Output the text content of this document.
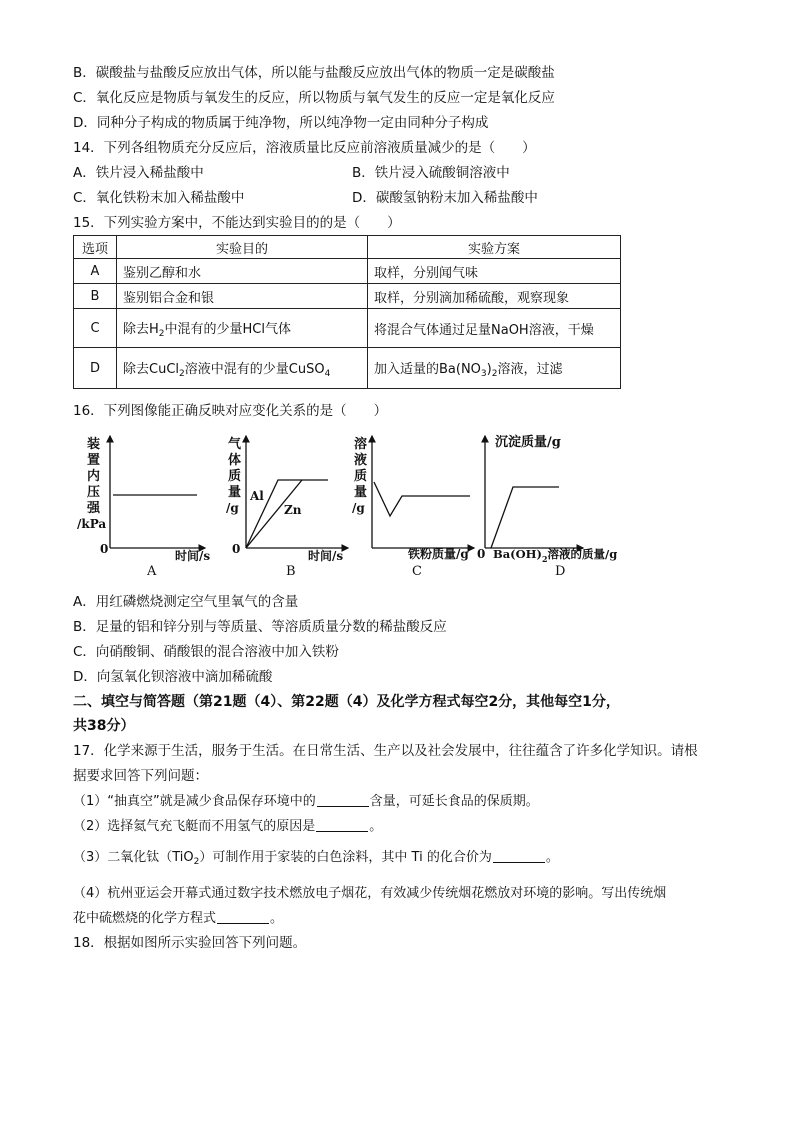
B．碳酸盐与盐酸反应放出气体，所以能与盐酸反应放出气体的物质一定是碳酸盐
C．氧化反应是物质与氧发生的反应，所以物质与氧气发生的反应一定是氧化反应
D．同种分子构成的物质属于纯净物，所以纯净物一定由同种分子构成
14．下列各组物质充分反应后，溶液质量比反应前溶液质量减少的是（　　）
A．铁片浸入稀盐酸中	B．铁片浸入硫酸铜溶液中
C．氧化铁粉末加入稀盐酸中	D．碳酸氢钠粉末加入稀盐酸中
15．下列实验方案中，不能达到实验目的的是（　　）
选项	实验目的	实验方案
A	鉴别乙醇和水	取样，分别闻气味
B	鉴别铝合金和银	取样，分别滴加稀硫酸，观察现象
C	除去$H_2$中混有的少量HCl气体	将混合气体通过足量NaOH溶液，干燥
D	除去CuCl$_2$溶液中混有的少量CuSO$_4$	加入适量的$Ba(NO_3)_2$溶液，过滤
16．下列图像能正确反映对应变化关系的是（　　）
装
置
内
压
强
/kPa
0	时间/s
A
气
体
质
量
/g
Al
Zn
0	时间/s
B
溶
液
质
量
/g
铁粉质量/g
C
沉淀质量/g
0 $Ba(OH)_2$溶液的质量/g
D
A．用红磷燃烧测定空气里氧气的含量
B．足量的铝和锌分别与等质量、等溶质质量分数的稀盐酸反应
C．向硝酸铜、硝酸银的混合溶液中加入铁粉
D．向氢氧化钡溶液中滴加稀硫酸
二、填空与简答题（第21题（4）、第22题（4）及化学方程式每空2分，其他每空1分，
共38分）
17．化学来源于生活，服务于生活。在日常生活、生产以及社会发展中，往往蕴含了许多化学知识。请根
据要求回答下列问题：
（1）“抽真空”就是减少食品保存环境中的	含量，可延长食品的保质期。
（2）选择氦气充飞艇而不用氢气的原因是	。
（3）二氧化钛（TiO$_2$）可制作用于家装的白色涂料，其中 Ti 的化合价为	。
（4）杭州亚运会开幕式通过数字技术燃放电子烟花，有效减少传统烟花燃放对环境的影响。写出传统烟
花中硫燃烧的化学方程式	。
18．根据如图所示实验回答下列问题。
